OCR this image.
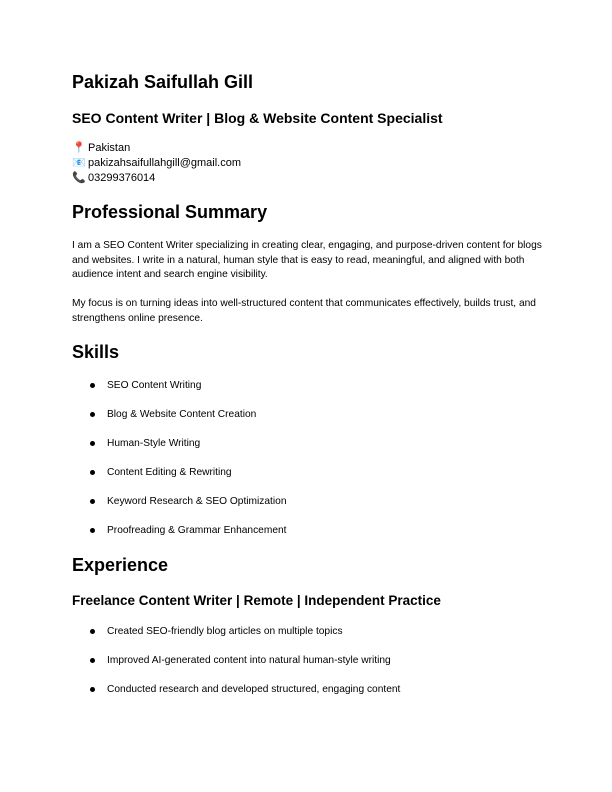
Pakizah Saifullah Gill
SEO Content Writer | Blog & Website Content Specialist
📍 Pakistan
📧 pakizahsaifullahgill@gmail.com
📞 03299376014
Professional Summary

I am a SEO Content Writer specializing in creating clear, engaging, and purpose-driven content for blogs and websites. I write in a natural, human style that is easy to read, meaningful, and aligned with both audience intent and search engine visibility.

My focus is on turning ideas into well-structured content that communicates effectively, builds trust, and strengthens online presence.

Skills
SEO Content Writing
Blog & Website Content Creation
Human-Style Writing
Content Editing & Rewriting
Keyword Research & SEO Optimization
Proofreading & Grammar Enhancement
Experience
Freelance Content Writer | Remote | Independent Practice
Created SEO-friendly blog articles on multiple topics
Improved AI-generated content into natural human-style writing
Conducted research and developed structured, engaging content
